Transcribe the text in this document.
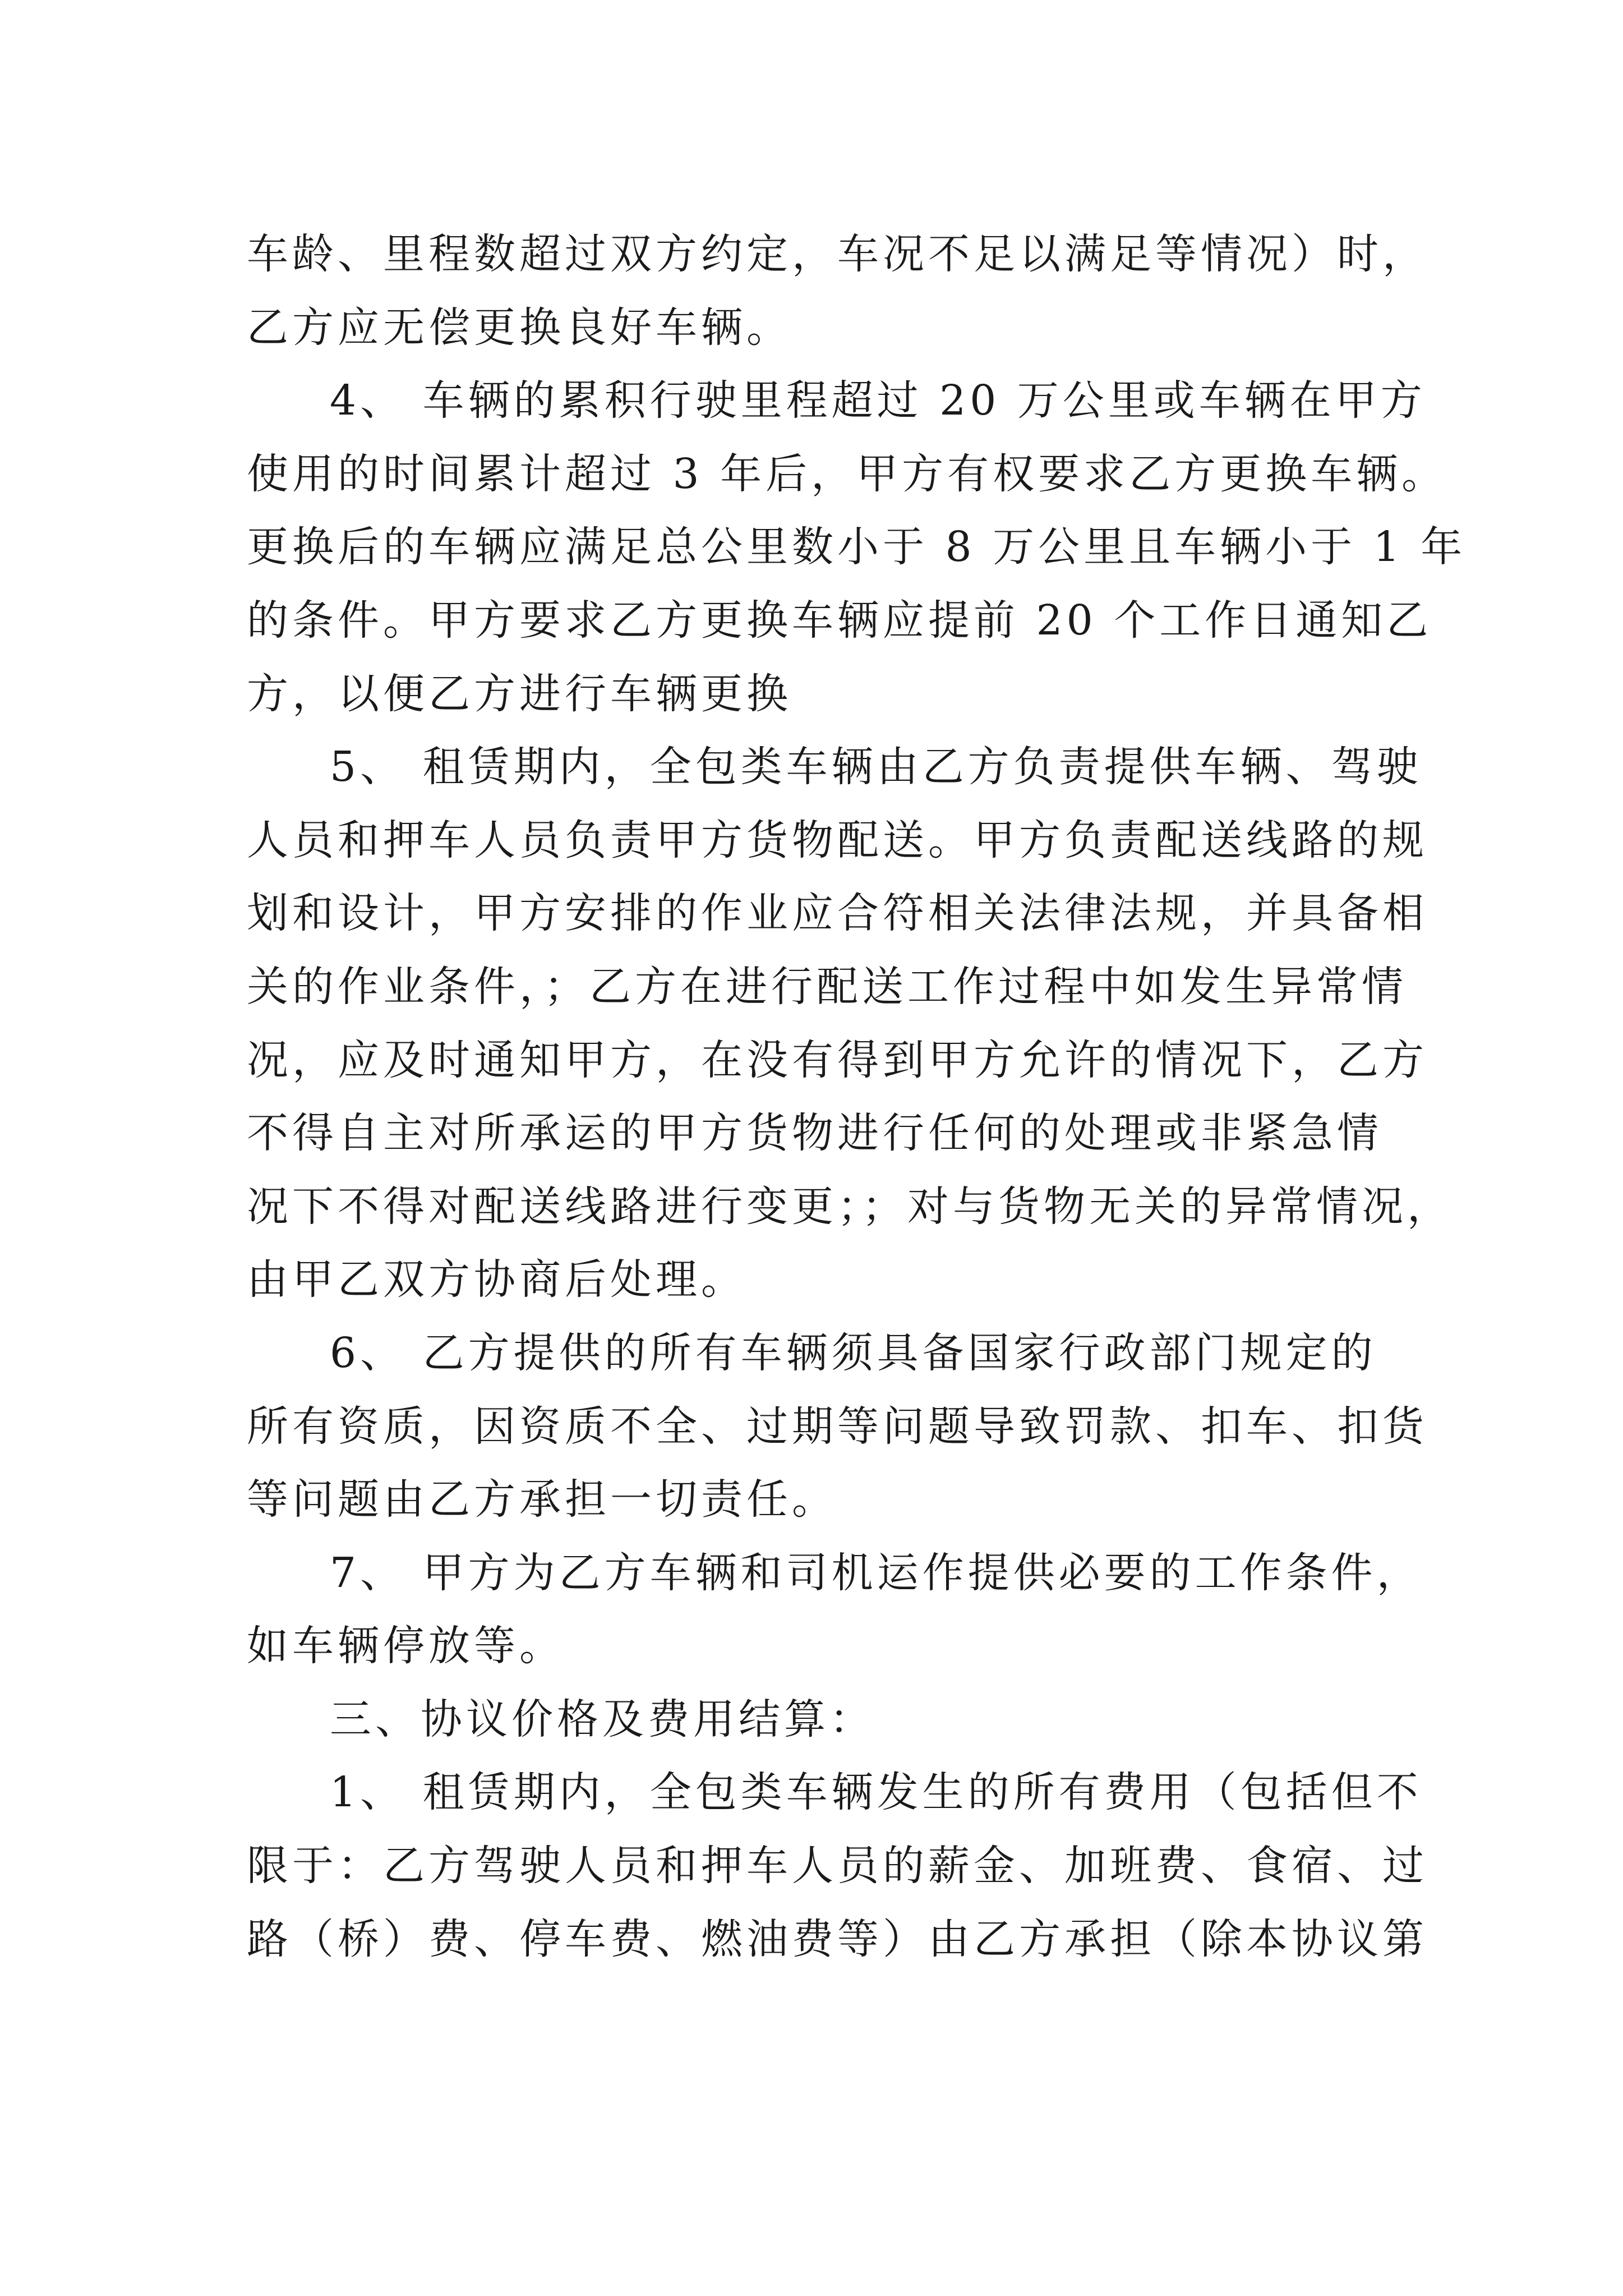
车龄、里程数超过双方约定，车况不足以满足等情况）时，
乙方应无偿更换良好车辆。

4、 车辆的累积行驶里程超过 20 万公里或车辆在甲方
使用的时间累计超过 3 年后，甲方有权要求乙方更换车辆。
更换后的车辆应满足总公里数小于 8 万公里且车辆小于 1 年
的条件。甲方要求乙方更换车辆应提前 20 个工作日通知乙
方，以便乙方进行车辆更换

5、 租赁期内，全包类车辆由乙方负责提供车辆、驾驶
人员和押车人员负责甲方货物配送。甲方负责配送线路的规
划和设计，甲方安排的作业应合符相关法律法规，并具备相
关的作业条件，；乙方在进行配送工作过程中如发生异常情
况，应及时通知甲方，在没有得到甲方允许的情况下，乙方
不得自主对所承运的甲方货物进行任何的处理或非紧急情
况下不得对配送线路进行变更；；对与货物无关的异常情况，
由甲乙双方协商后处理。

6、 乙方提供的所有车辆须具备国家行政部门规定的
所有资质，因资质不全、过期等问题导致罚款、扣车、扣货
等问题由乙方承担一切责任。

7、 甲方为乙方车辆和司机运作提供必要的工作条件，
如车辆停放等。

三、协议价格及费用结算：

1、 租赁期内，全包类车辆发生的所有费用（包括但不
限于：乙方驾驶人员和押车人员的薪金、加班费、食宿、过
路（桥）费、停车费、燃油费等）由乙方承担（除本协议第
